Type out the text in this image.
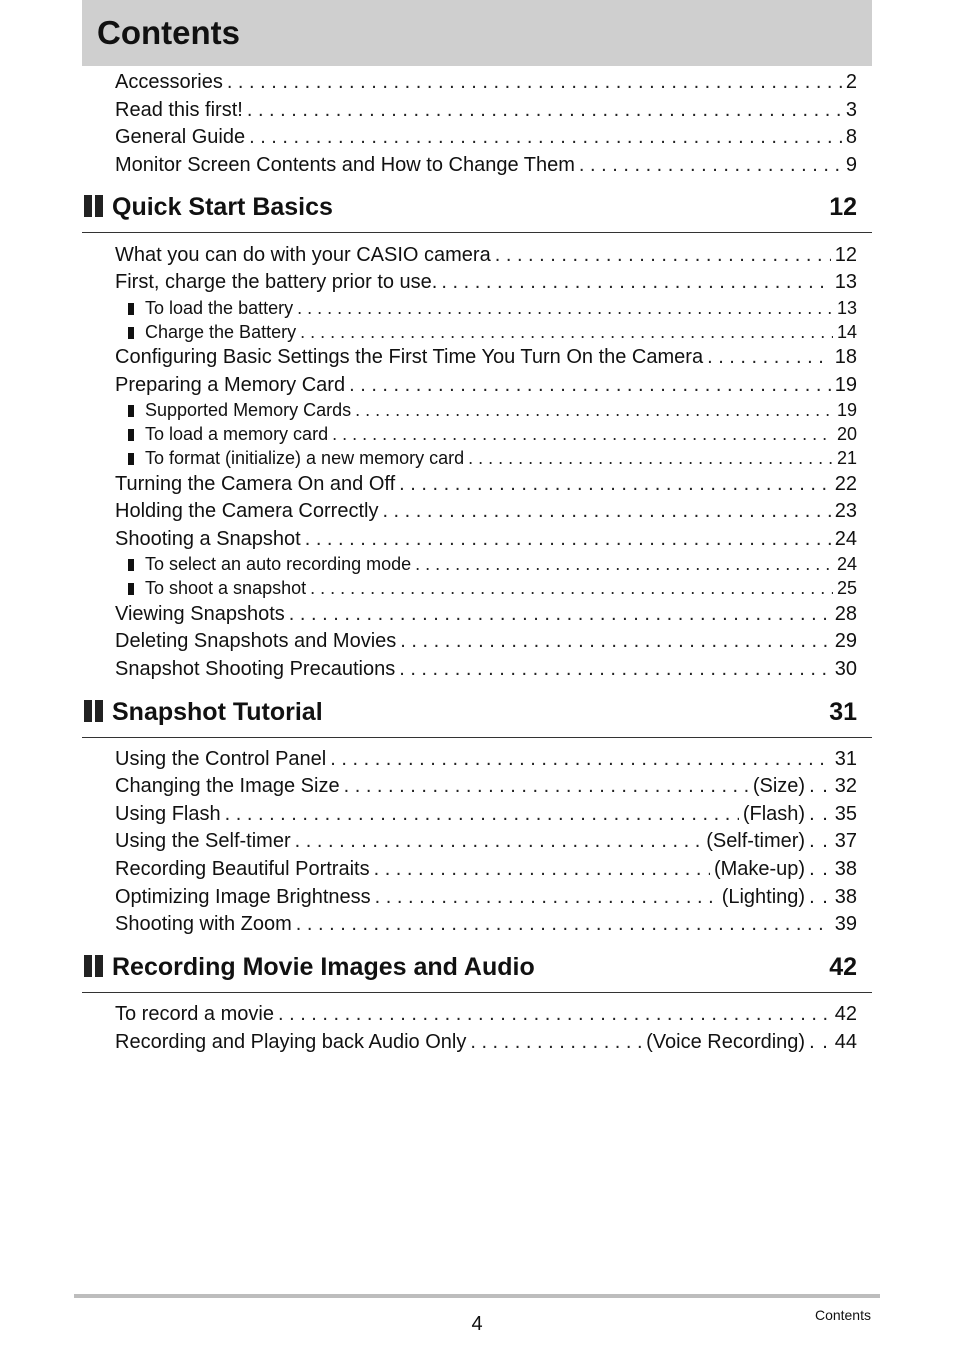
Contents
Accessories . . .	2
Read this first! . . .	3
General Guide . . .	8
Monitor Screen Contents and How to Change Them . . .	9
Quick Start Basics	12
What you can do with your CASIO camera . . .	12
First, charge the battery prior to use. . . .	13
To load the battery . . .	13
Charge the Battery . . .	14
Configuring Basic Settings the First Time You Turn On the Camera . . .	18
Preparing a Memory Card . . .	19
Supported Memory Cards . . .	19
To load a memory card . . .	20
To format (initialize) a new memory card . . .	21
Turning the Camera On and Off . . .	22
Holding the Camera Correctly . . .	23
Shooting a Snapshot . . .	24
To select an auto recording mode . . .	24
To shoot a snapshot . . .	25
Viewing Snapshots . . .	28
Deleting Snapshots and Movies . . .	29
Snapshot Shooting Precautions . . .	30
Snapshot Tutorial	31
Using the Control Panel . . .	31
Changing the Image Size . . .	(Size) . . 32
Using Flash . . .	(Flash) . . 35
Using the Self-timer . . .	(Self-timer) . . 37
Recording Beautiful Portraits . . .	(Make-up) . . 38
Optimizing Image Brightness . . .	(Lighting) . . 38
Shooting with Zoom . . .	39
Recording Movie Images and Audio	42
To record a movie . . .	42
Recording and Playing back Audio Only . . .	(Voice Recording) . . 44
4	Contents
